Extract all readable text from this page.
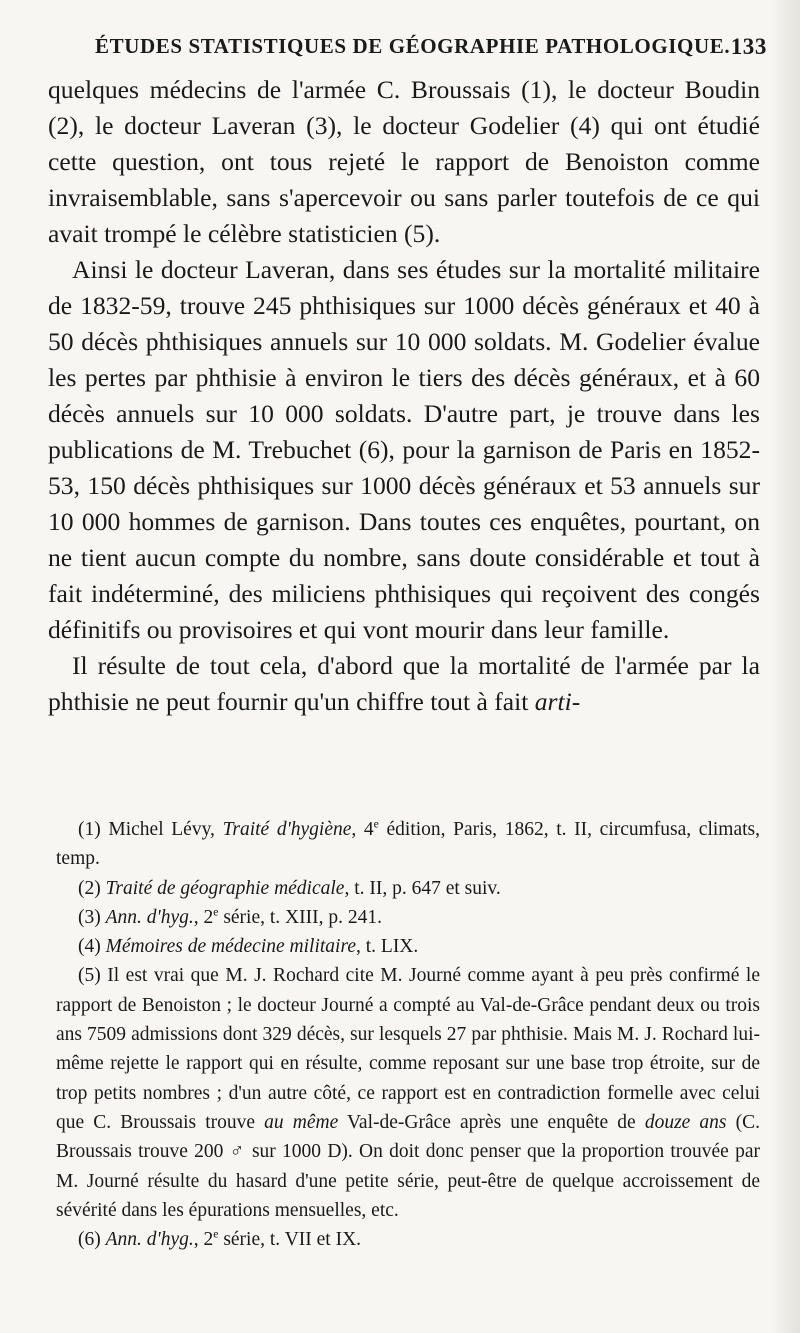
ÉTUDES STATISTIQUES DE GÉOGRAPHIE PATHOLOGIQUE. 133

quelques médecins de l'armée C. Broussais (1), le docteur Boudin (2), le docteur Laveran (3), le docteur Godelier (4) qui ont étudié cette question, ont tous rejeté le rapport de Benoiston comme invraisemblable, sans s'apercevoir ou sans parler toutefois de ce qui avait trompé le célèbre statisticien (5).

Ainsi le docteur Laveran, dans ses études sur la mortalité militaire de 1832-59, trouve 245 phthisiques sur 1000 décès généraux et 40 à 50 décès phthisiques annuels sur 10 000 soldats. M. Godelier évalue les pertes par phthisie à environ le tiers des décès généraux, et à 60 décès annuels sur 10 000 soldats. D'autre part, je trouve dans les publications de M. Trebuchet (6), pour la garnison de Paris en 1852-53, 150 décès phthisiques sur 1000 décès généraux et 53 annuels sur 10 000 hommes de garnison. Dans toutes ces enquêtes, pourtant, on ne tient aucun compte du nombre, sans doute considérable et tout à fait indéterminé, des miliciens phthisiques qui reçoivent des congés définitifs ou provisoires et qui vont mourir dans leur famille.

Il résulte de tout cela, d'abord que la mortalité de l'armée par la phthisie ne peut fournir qu'un chiffre tout à fait arti-

(1) Michel Lévy, Traité d'hygiène, 4e édition, Paris, 1862, t. II, circumfusa, climats, temp.

(2) Traité de géographie médicale, t. II, p. 647 et suiv.

(3) Ann. d'hyg., 2e série, t. XIII, p. 241.

(4) Mémoires de médecine militaire, t. LIX.

(5) Il est vrai que M. J. Rochard cite M. Journé comme ayant à peu près confirmé le rapport de Benoiston ; le docteur Journé a compté au Val-de-Grâce pendant deux ou trois ans 7509 admissions dont 329 décès, sur lesquels 27 par phthisie. Mais M. J. Rochard lui-même rejette le rapport qui en résulte, comme reposant sur une base trop étroite, sur de trop petits nombres ; d'un autre côté, ce rapport est en contradiction formelle avec celui que C. Broussais trouve au même Val-de-Grâce après une enquête de douze ans (C. Broussais trouve 200 ♂ sur 1000 D). On doit donc penser que la proportion trouvée par M. Journé résulte du hasard d'une petite série, peut-être de quelque accroissement de sévérité dans les épurations mensuelles, etc.

(6) Ann. d'hyg., 2e série, t. VII et IX.
